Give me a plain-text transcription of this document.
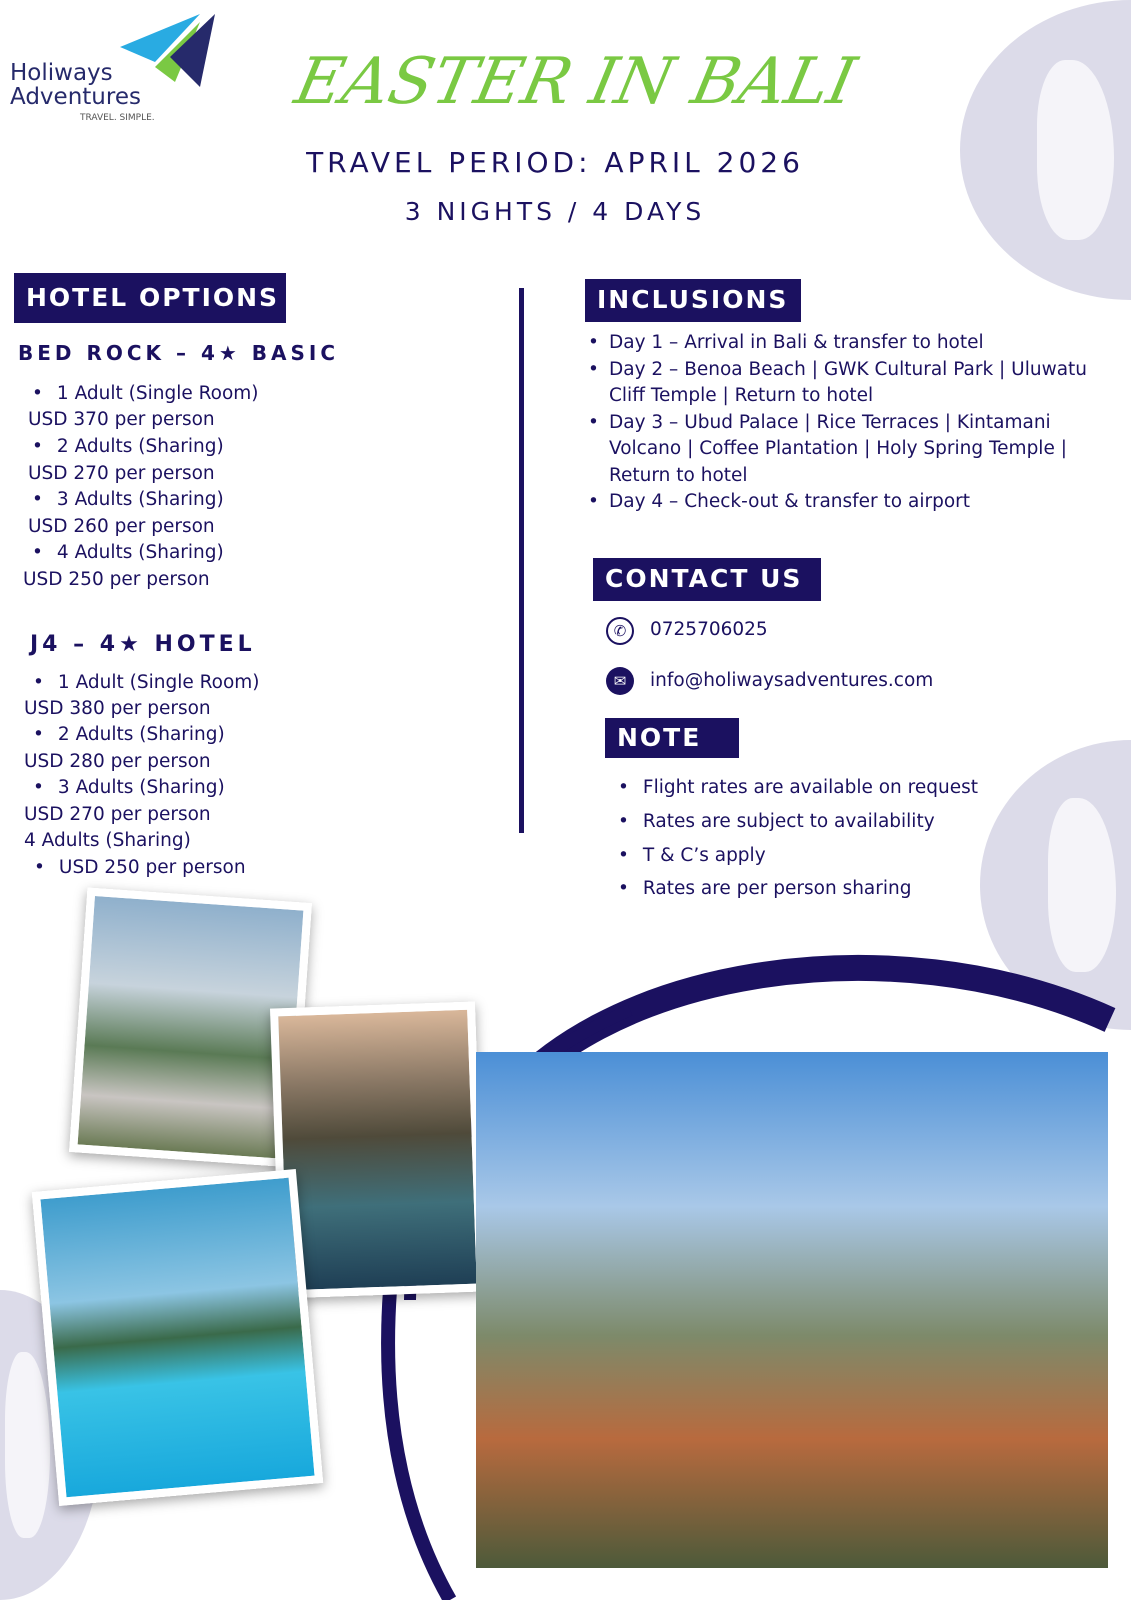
Holiways
Adventures
TRAVEL. SIMPLE.	EASTER IN BALI
TRAVEL PERIOD: APRIL 2026
3 NIGHTS / 4 DAYS
HOTEL OPTIONS
BED ROCK – 4★ BASIC
• 1 Adult (Single Room)
USD 370 per person
• 2 Adults (Sharing)
USD 270 per person
• 3 Adults (Sharing)
USD 260 per person
• 4 Adults (Sharing)
USD 250 per person
J4 – 4★ HOTEL
• 1 Adult (Single Room)
USD 380 per person
• 2 Adults (Sharing)
USD 280 per person
• 3 Adults (Sharing)
USD 270 per person
4 Adults (Sharing)
• USD 250 per person
INCLUSIONS
• Day 1 – Arrival in Bali & transfer to hotel
• Day 2 – Benoa Beach | GWK Cultural Park | Uluwatu Cliff Temple | Return to hotel
• Day 3 – Ubud Palace | Rice Terraces | Kintamani Volcano | Coffee Plantation | Holy Spring Temple | Return to hotel
• Day 4 – Check-out & transfer to airport
CONTACT US
✆	0725706025
✉	info@holiwaysadventures.com
NOTE
• Flight rates are available on request
• Rates are subject to availability
• T & C’s apply
• Rates are per person sharing
